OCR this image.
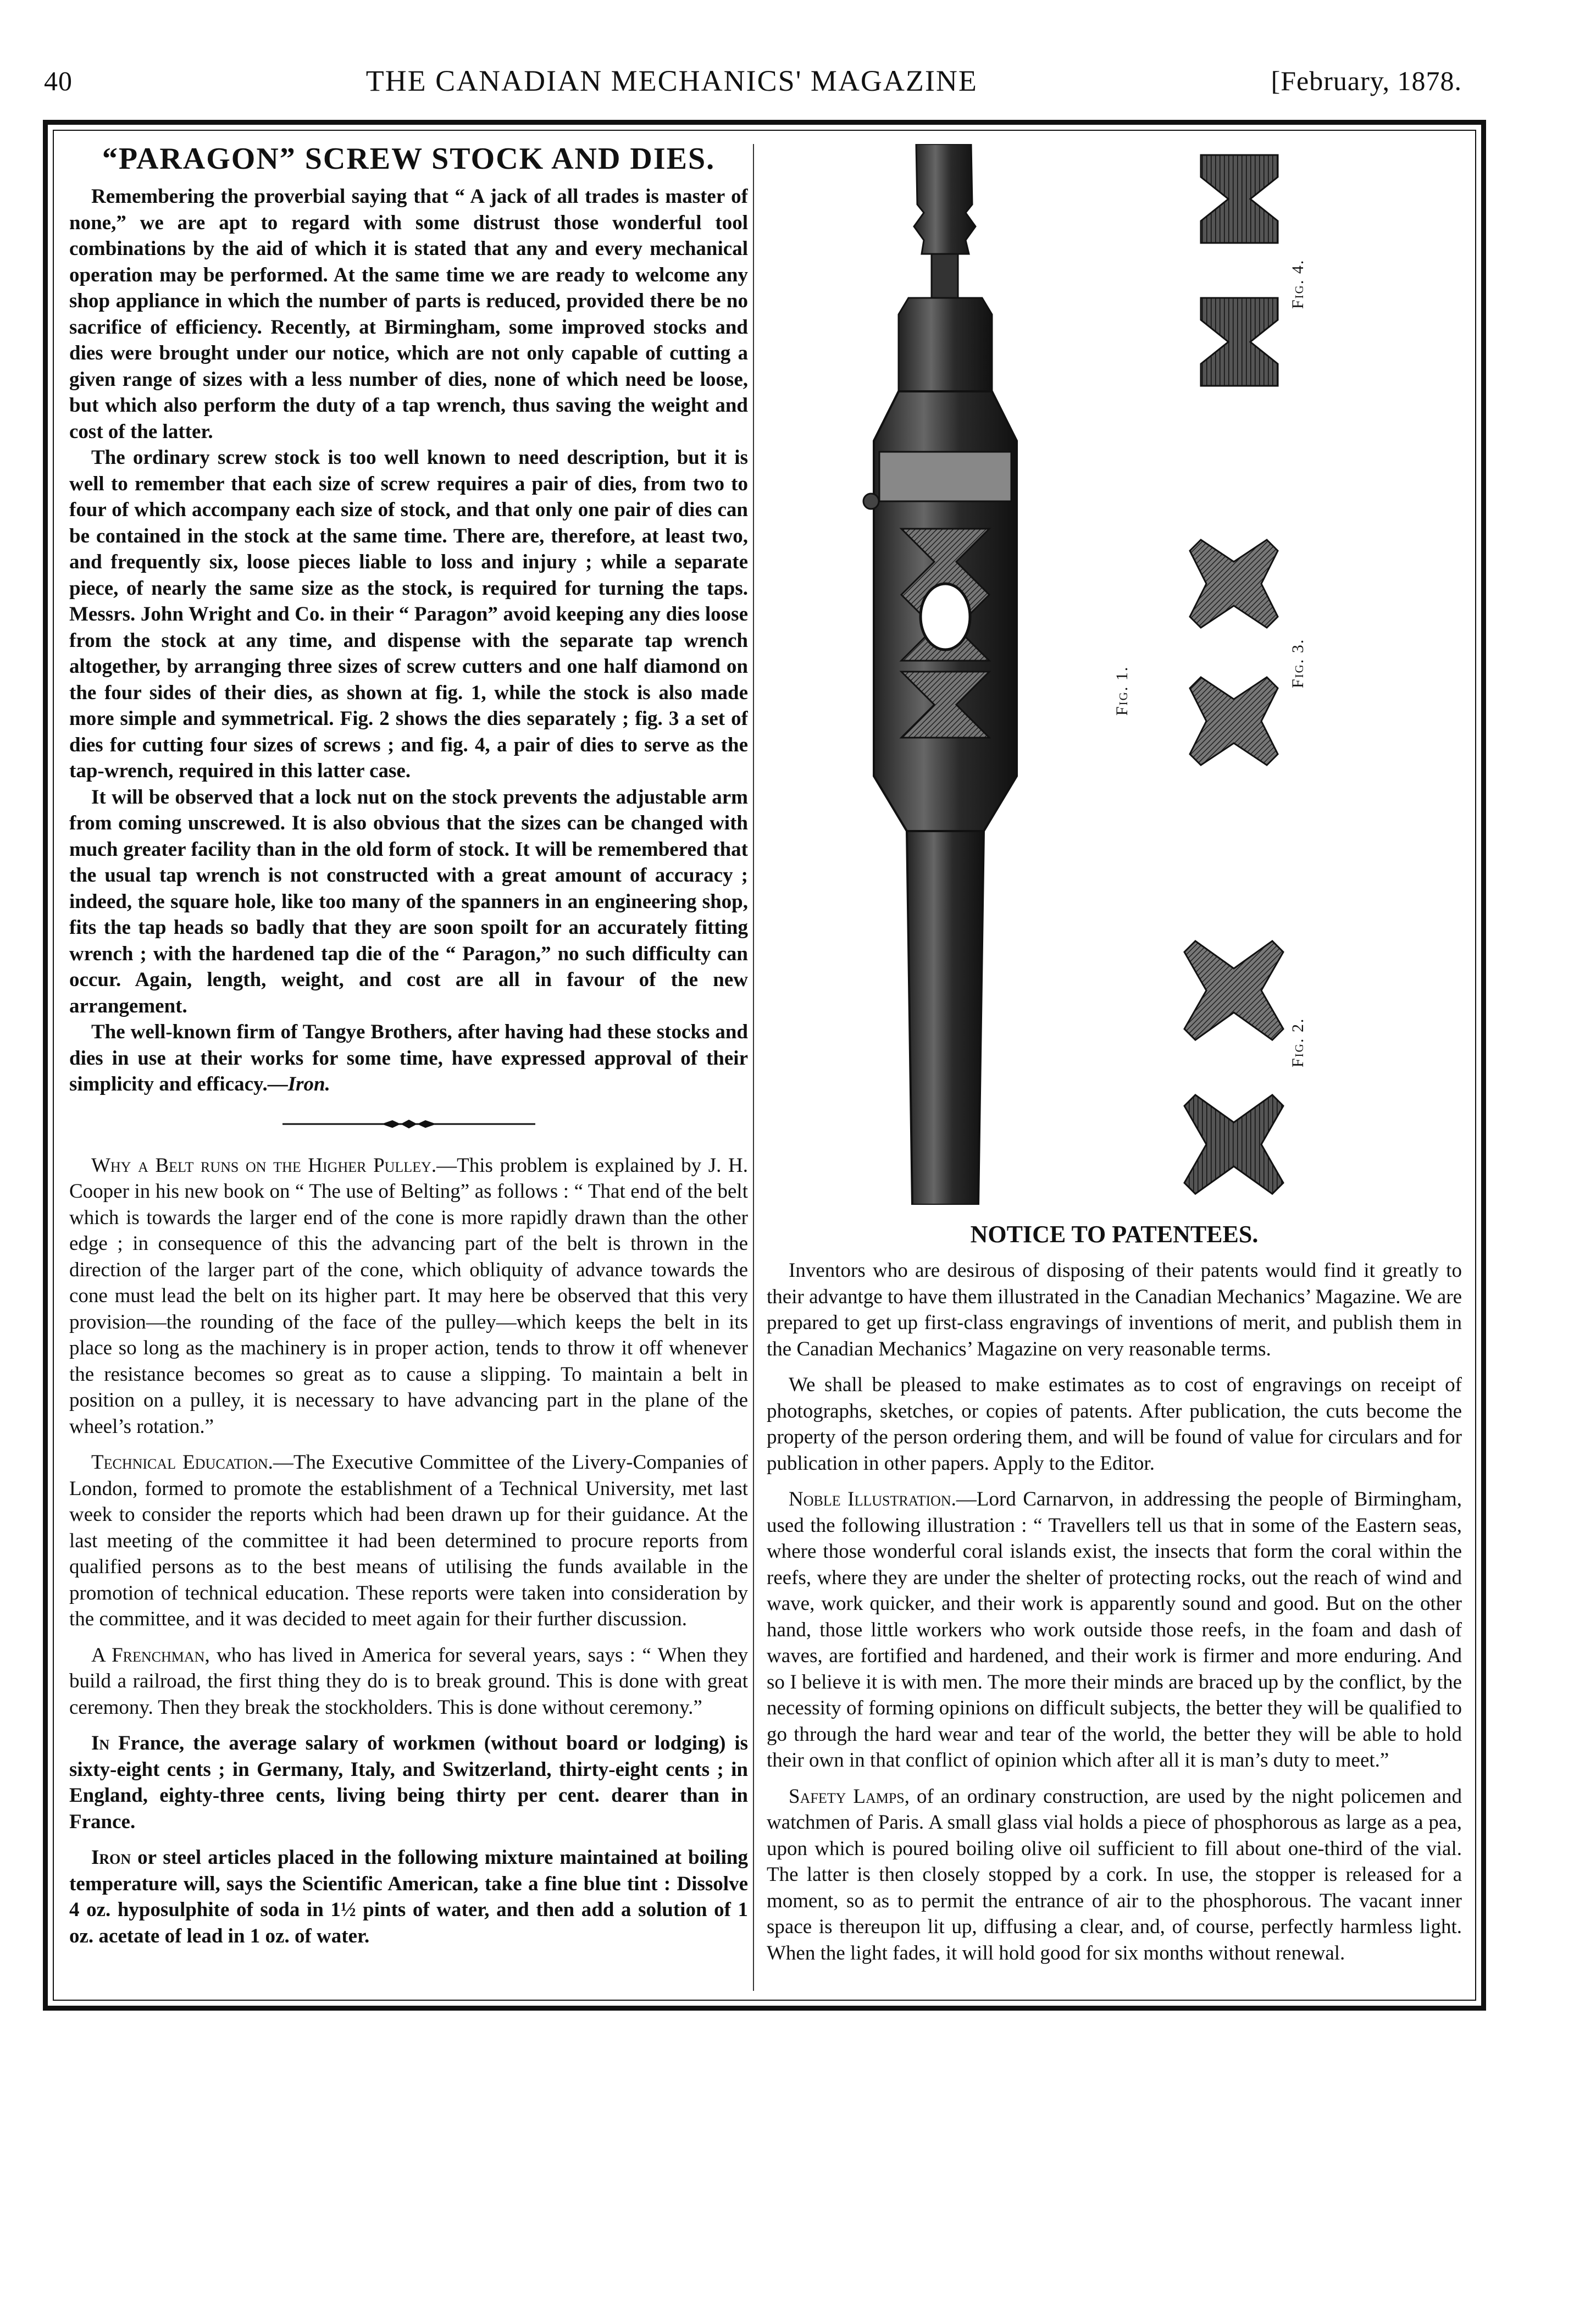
40	THE CANADIAN MECHANICS' MAGAZINE	[February, 1878.
“PARAGON” SCREW STOCK AND DIES.

Remembering the proverbial saying that “ A jack of all trades is master of none,” we are apt to regard with some distrust those wonderful tool combinations by the aid of which it is stated that any and every mechanical operation may be performed. At the same time we are ready to welcome any shop appliance in which the number of parts is reduced, provided there be no sacrifice of efficiency. Recently, at Birmingham, some improved stocks and dies were brought under our notice, which are not only capable of cutting a given range of sizes with a less number of dies, none of which need be loose, but which also perform the duty of a tap wrench, thus saving the weight and cost of the latter.

The ordinary screw stock is too well known to need description, but it is well to remember that each size of screw requires a pair of dies, from two to four of which accompany each size of stock, and that only one pair of dies can be contained in the stock at the same time. There are, therefore, at least two, and frequently six, loose pieces liable to loss and injury ; while a separate piece, of nearly the same size as the stock, is required for turning the taps. Messrs. John Wright and Co. in their “ Paragon” avoid keeping any dies loose from the stock at any time, and dispense with the separate tap wrench altogether, by arranging three sizes of screw cutters and one half diamond on the four sides of their dies, as shown at fig. 1, while the stock is also made more simple and symmetrical. Fig. 2 shows the dies separately ; fig. 3 a set of dies for cutting four sizes of screws ; and fig. 4, a pair of dies to serve as the tap-wrench, required in this latter case.

It will be observed that a lock nut on the stock prevents the adjustable arm from coming unscrewed. It is also obvious that the sizes can be changed with much greater facility than in the old form of stock. It will be remembered that the usual tap wrench is not constructed with a great amount of accuracy ; indeed, the square hole, like too many of the spanners in an engineering shop, fits the tap heads so badly that they are soon spoilt for an accurately fitting wrench ; with the hardened tap die of the “ Paragon,” no such difficulty can occur. Again, length, weight, and cost are all in favour of the new arrangement.

The well-known firm of Tangye Brothers, after having had these stocks and dies in use at their works for some time, have expressed approval of their simplicity and efficacy.—Iron.

Why a Belt runs on the Higher Pulley.—This problem is explained by J. H. Cooper in his new book on “ The use of Belting” as follows : “ That end of the belt which is towards the larger end of the cone is more rapidly drawn than the other edge ; in consequence of this the advancing part of the belt is thrown in the direction of the larger part of the cone, which obliquity of advance towards the cone must lead the belt on its higher part. It may here be observed that this very provision—the rounding of the face of the pulley—which keeps the belt in its place so long as the machinery is in proper action, tends to throw it off whenever the resistance becomes so great as to cause a slipping. To maintain a belt in position on a pulley, it is necessary to have advancing part in the plane of the wheel’s rotation.”

Technical Education.—The Executive Committee of the Livery-Companies of London, formed to promote the establishment of a Technical University, met last week to consider the reports which had been drawn up for their guidance. At the last meeting of the committee it had been determined to procure reports from qualified persons as to the best means of utilising the funds available in the promotion of technical education. These reports were taken into consideration by the committee, and it was decided to meet again for their further discussion.

A Frenchman, who has lived in America for several years, says : “ When they build a railroad, the first thing they do is to break ground. This is done with great ceremony. Then they break the stockholders. This is done without ceremony.”

In France, the average salary of workmen (without board or lodging) is sixty-eight cents ; in Germany, Italy, and Switzerland, thirty-eight cents ; in England, eighty-three cents, living being thirty per cent. dearer than in France.

Iron or steel articles placed in the following mixture maintained at boiling temperature will, says the Scientific American, take a fine blue tint : Dissolve 4 oz. hyposulphite of soda in 1½ pints of water, and then add a solution of 1 oz. acetate of lead in 1 oz. of water.

Fig. 1.
Fig. 2.
Fig. 3.
Fig. 4.
NOTICE TO PATENTEES.

Inventors who are desirous of disposing of their patents would find it greatly to their advantge to have them illustrated in the Canadian Mechanics’ Magazine. We are prepared to get up first-class engravings of inventions of merit, and publish them in the Canadian Mechanics’ Magazine on very reasonable terms.

We shall be pleased to make estimates as to cost of engravings on receipt of photographs, sketches, or copies of patents. After publication, the cuts become the property of the person ordering them, and will be found of value for circulars and for publication in other papers. Apply to the Editor.

Noble Illustration.—Lord Carnarvon, in addressing the people of Birmingham, used the following illustration : “ Travellers tell us that in some of the Eastern seas, where those wonderful coral islands exist, the insects that form the coral within the reefs, where they are under the shelter of protecting rocks, out the reach of wind and wave, work quicker, and their work is apparently sound and good. But on the other hand, those little workers who work outside those reefs, in the foam and dash of waves, are fortified and hardened, and their work is firmer and more enduring. And so I believe it is with men. The more their minds are braced up by the conflict, by the necessity of forming opinions on difficult subjects, the better they will be qualified to go through the hard wear and tear of the world, the better they will be able to hold their own in that conflict of opinion which after all it is man’s duty to meet.”

Safety Lamps, of an ordinary construction, are used by the night policemen and watchmen of Paris. A small glass vial holds a piece of phosphorous as large as a pea, upon which is poured boiling olive oil sufficient to fill about one-third of the vial. The latter is then closely stopped by a cork. In use, the stopper is released for a moment, so as to permit the entrance of air to the phosphorous. The vacant inner space is thereupon lit up, diffusing a clear, and, of course, perfectly harmless light. When the light fades, it will hold good for six months without renewal.
